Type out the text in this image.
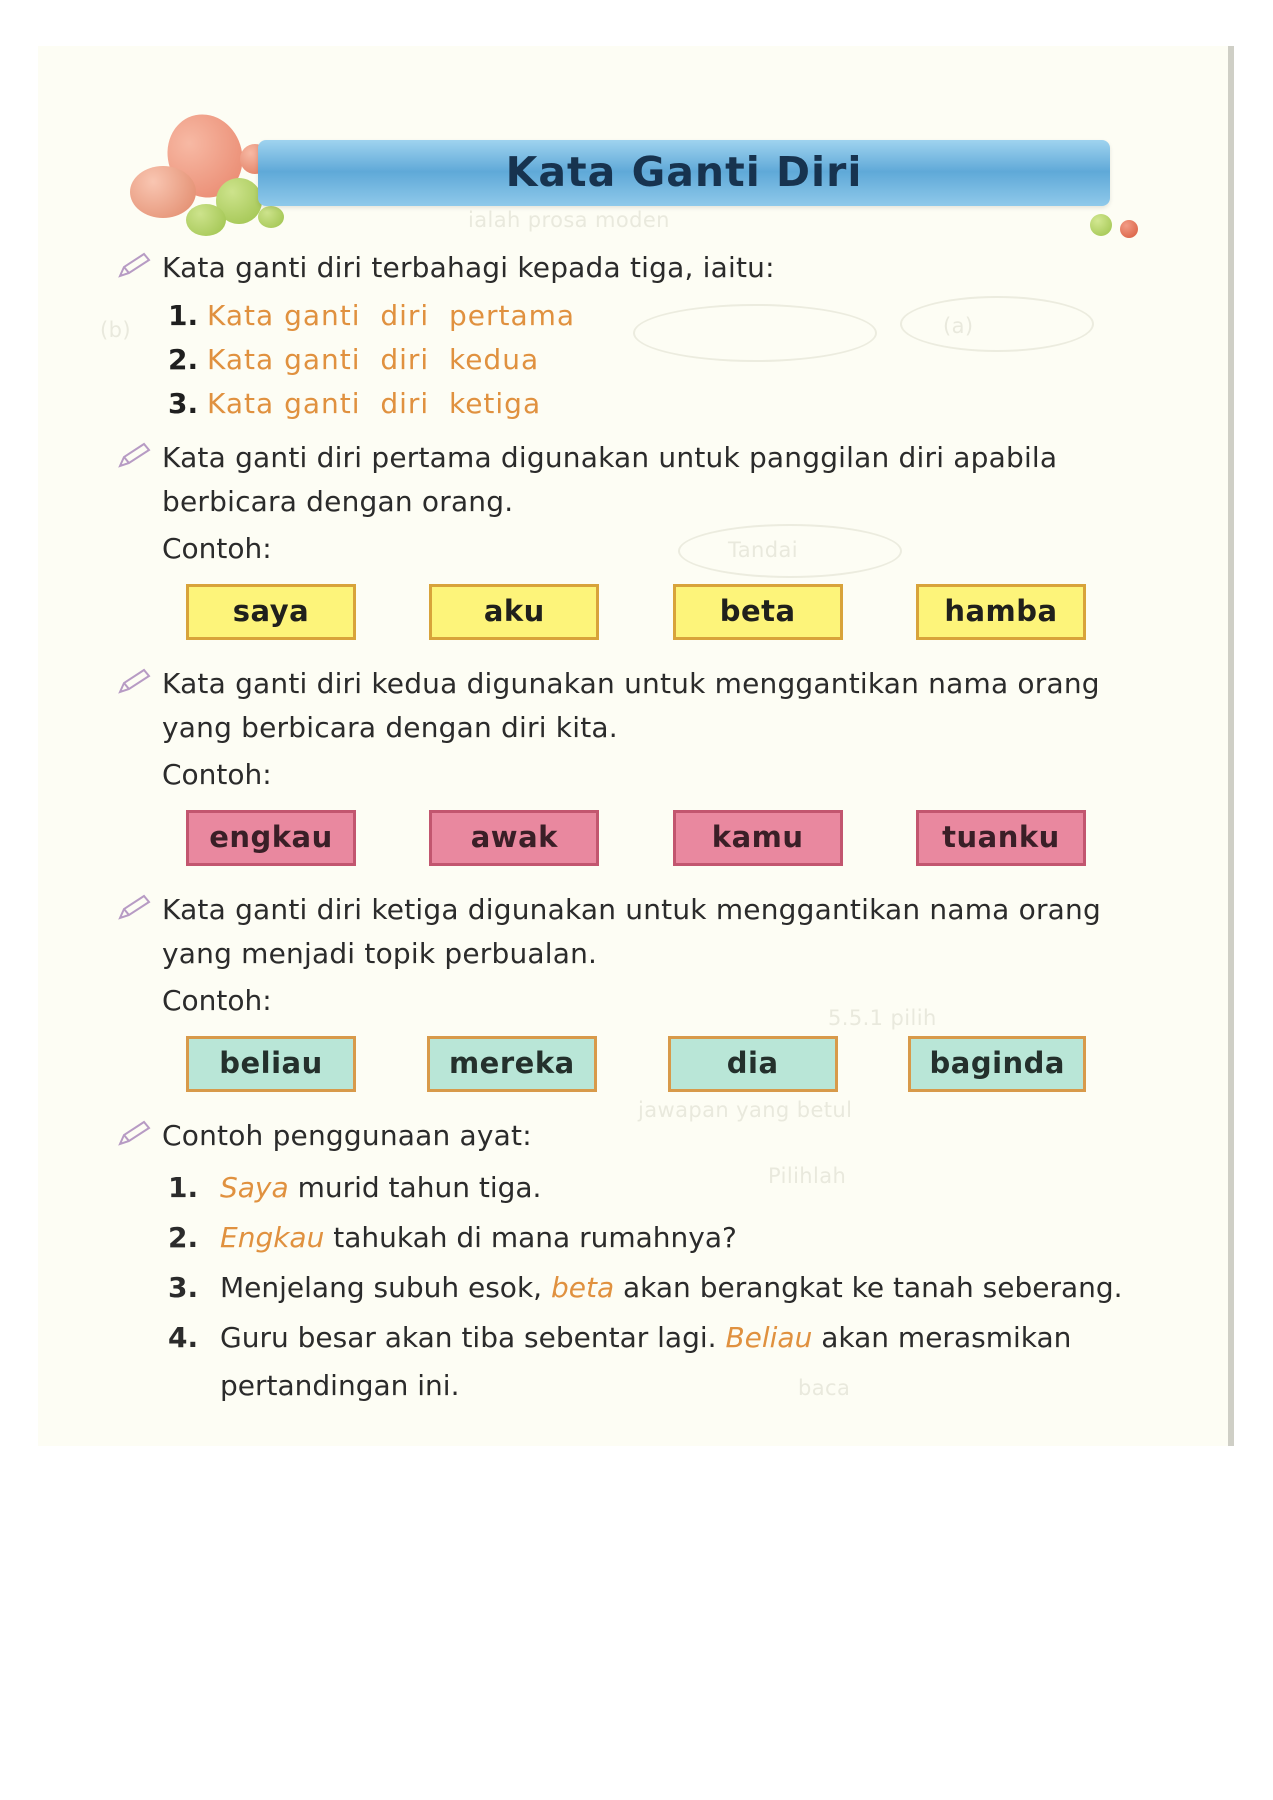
ialah prosa moden
(a)
(b)
Tandai
5.5.1 pilih
jawapan yang betul
Pilihlah
baca
Kata Ganti Diri
Kata ganti diri terbahagi kepada tiga, iaitu:
1. Kata ganti  diri  pertama
2. Kata ganti  diri  kedua
3. Kata ganti  diri  ketiga
Kata ganti diri pertama digunakan untuk panggilan diri apabila berbicara dengan orang.
Contoh:
saya	aku	beta	hamba
Kata ganti diri kedua digunakan untuk menggantikan nama orang yang berbicara dengan diri kita.
Contoh:
engkau	awak	kamu	tuanku
Kata ganti diri ketiga digunakan untuk menggantikan nama orang yang menjadi topik perbualan.
Contoh:
beliau	mereka	dia	baginda
Contoh penggunaan ayat:
1. Saya murid tahun tiga.
2. Engkau tahukah di mana rumahnya?
3. Menjelang subuh esok, beta akan berangkat ke tanah seberang.
4. Guru besar akan tiba sebentar lagi. Beliau akan merasmikan pertandingan ini.
